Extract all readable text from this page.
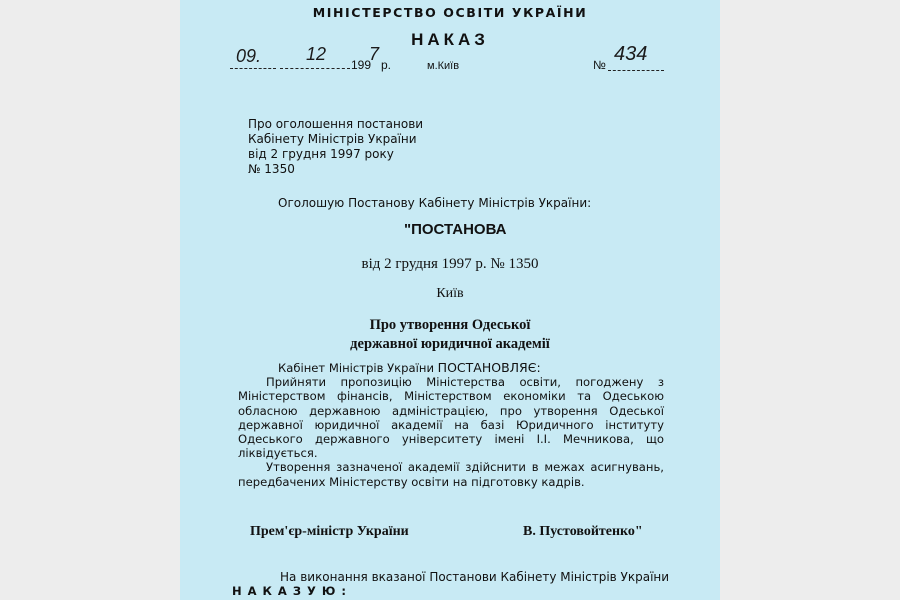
МІНІСТЕРСТВО ОСВІТИ УКРАЇНИ
НАКАЗ
09. 12
199
7
р.	м.Київ	№ 434
Про оголошення постанови
Кабінету Міністрів України
від 2 грудня 1997 року
№ 1350
Оголошую Постанову Кабінету Міністрів України:
"ПОСТАНОВА
від 2 грудня 1997 р. № 1350
Київ
Про утворення Одеської
державної юридичної академії

Кабінет Міністрів України ПОСТАНОВЛЯЄ:

Прийняти пропозицію Міністерства освіти, погоджену з Міністерством фінансів, Міністерством економіки та Одеською обласною державною адміністрацією, про утворення Одеської державної юридичної академії на базі Юридичного інституту Одеського державного університету імені І.І. Мечникова, що ліквідується.

Утворення зазначеної академії здійснити в межах асигнувань, передбачених Міністерству освіти на підготовку кадрів.

Прем'єр-міністр України	В. Пустовойтенко"
На виконання вказаної Постанови Кабінету Міністрів України
Н А К А З У Ю :
